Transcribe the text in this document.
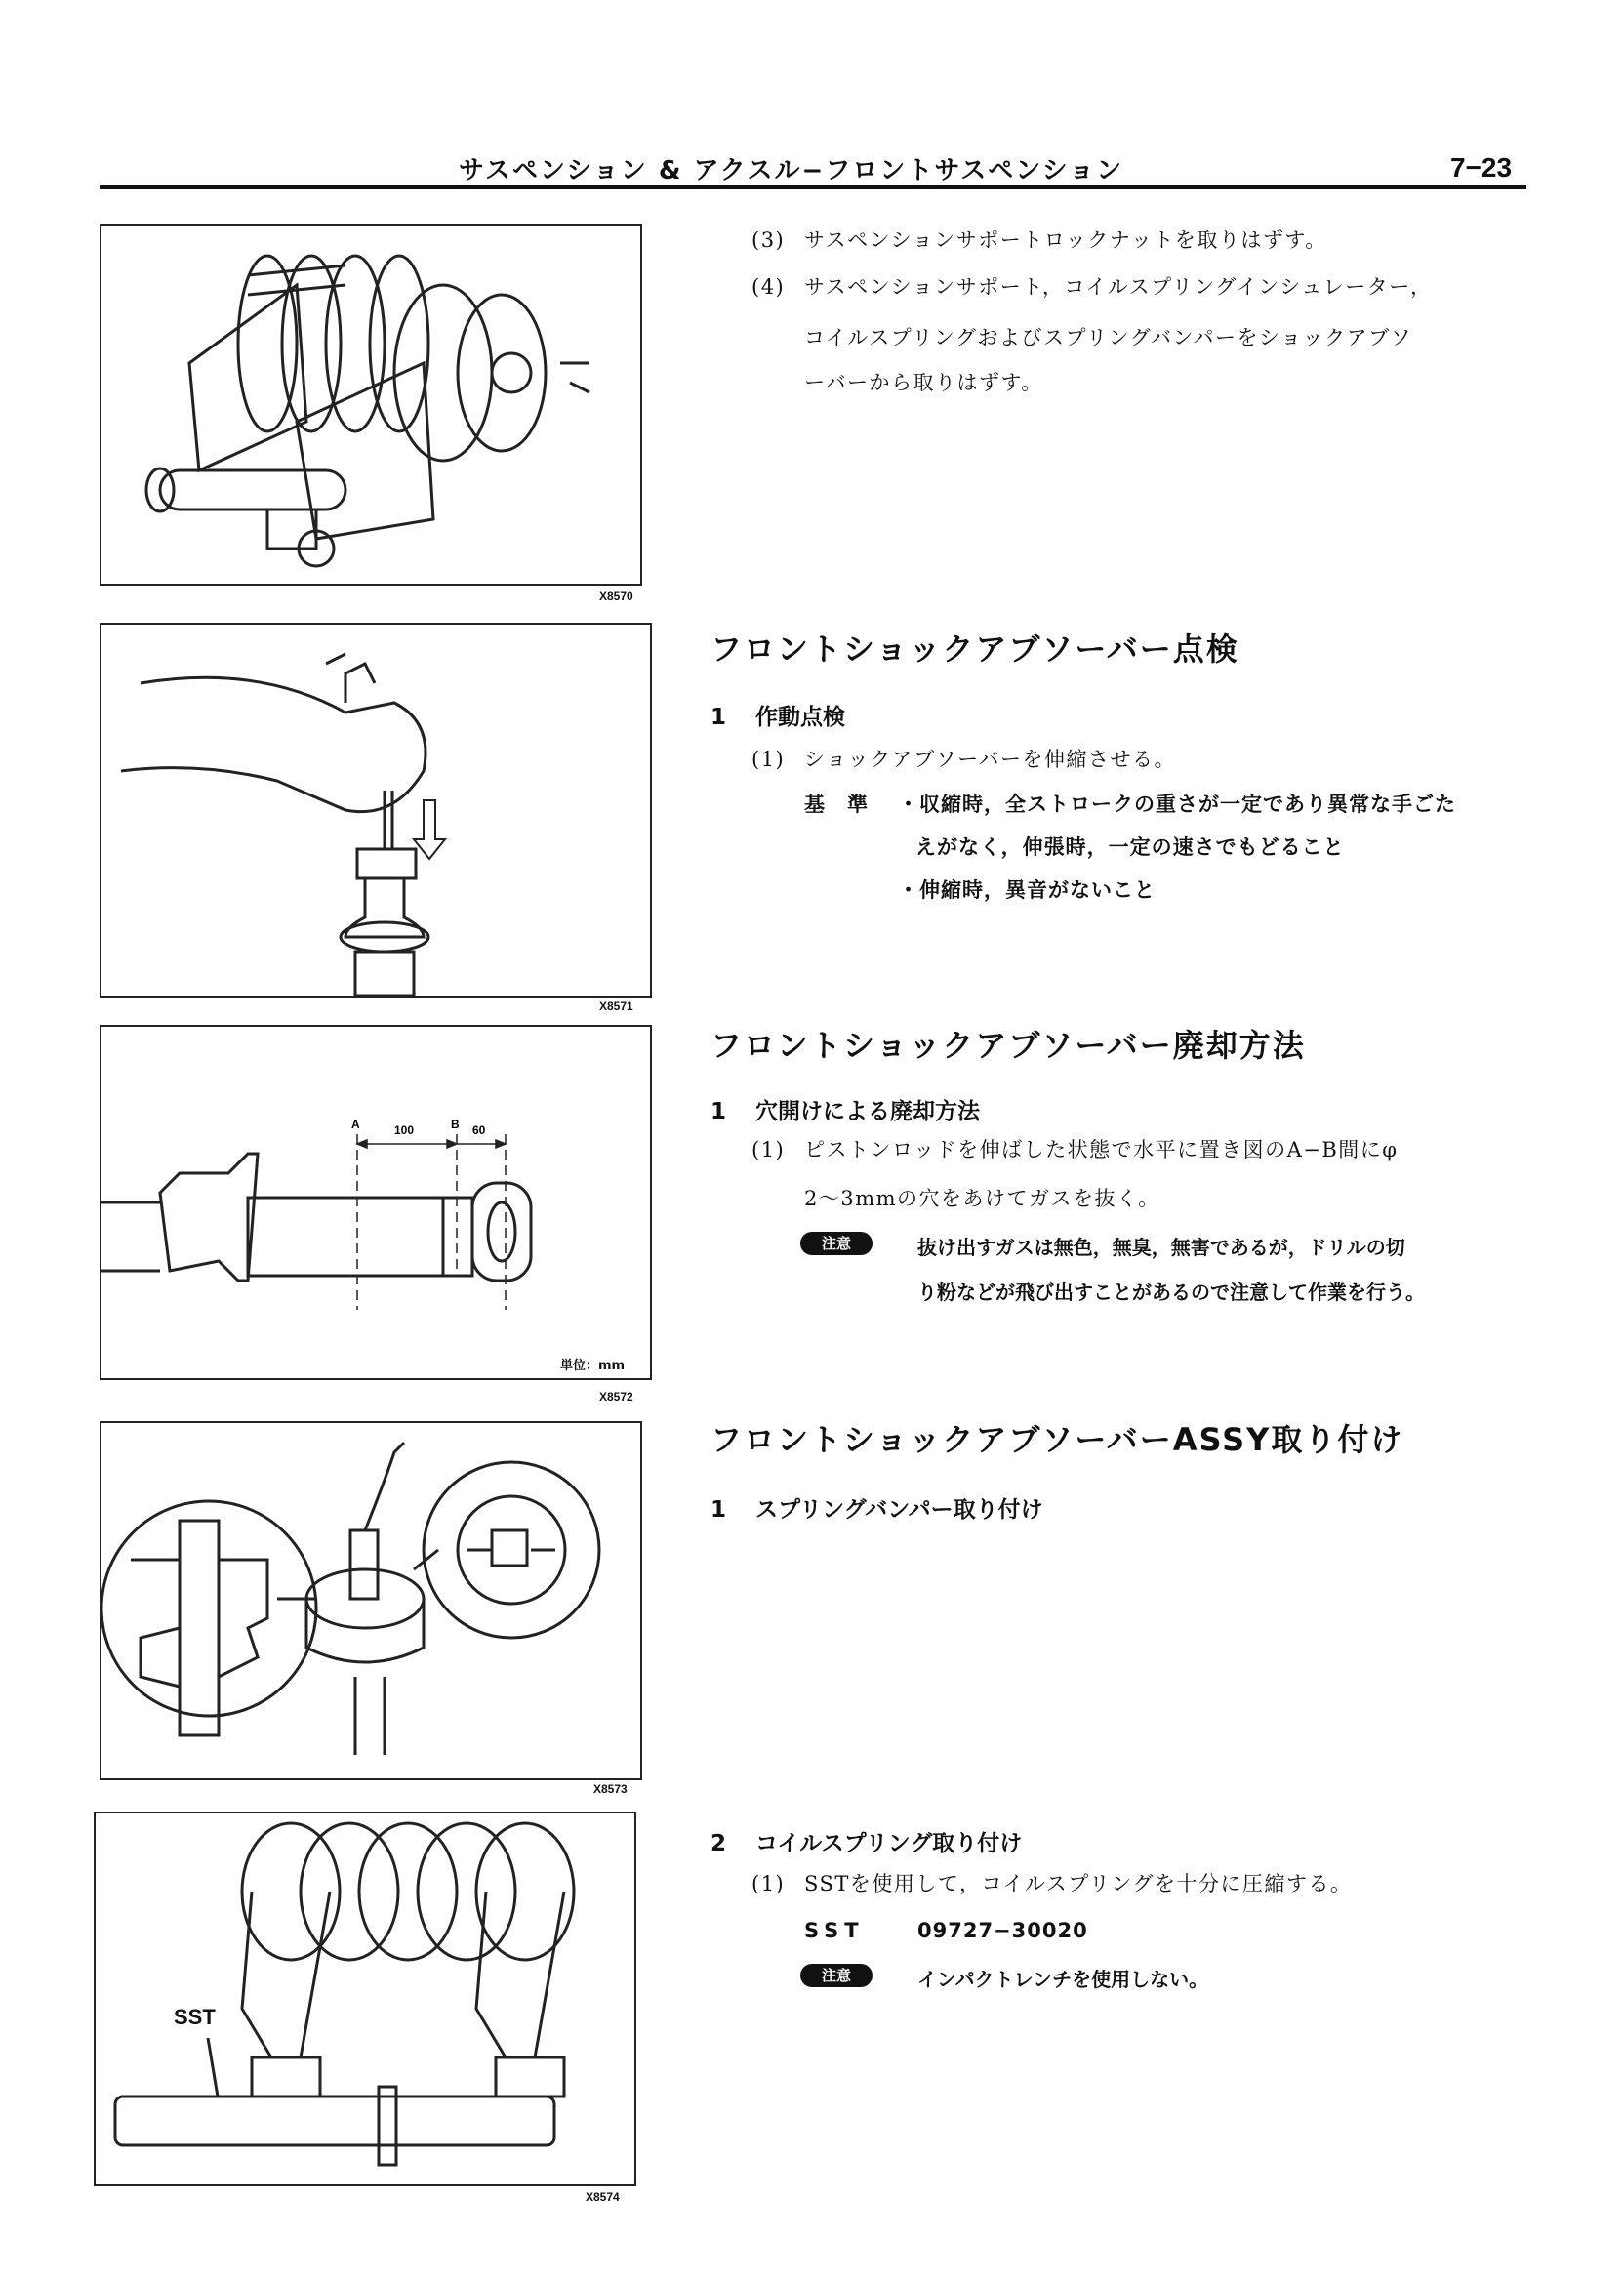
サスペンション & アクスル−フロントサスペンション	7−23
X8570
X8571
A	B
100	60
単位：mm
X8572
X8573
SST
X8574
(3) サスペンションサポートロックナットを取りはずす。
(4) サスペンションサポート，コイルスプリングインシュレーター，
コイルスプリングおよびスプリングバンパーをショックアブソ
ーバーから取りはずす。
フロントショックアブソーバー点検
1 作動点検
(1) ショックアブソーバーを伸縮させる。
基　準 ・収縮時，全ストロークの重さが一定であり異常な手ごた
えがなく，伸張時，一定の速さでもどること
・伸縮時，異音がないこと
フロントショックアブソーバー廃却方法
1 穴開けによる廃却方法
(1) ピストンロッドを伸ばした状態で水平に置き図のA−B間にφ
2〜3mmの穴をあけてガスを抜く。
注意	抜け出すガスは無色，無臭，無害であるが，ドリルの切
り粉などが飛び出すことがあるので注意して作業を行う。
フロントショックアブソーバーASSY取り付け
1 スプリングバンパー取り付け
2 コイルスプリング取り付け
(1) SSTを使用して，コイルスプリングを十分に圧縮する。
SST	09727−30020
注意	インパクトレンチを使用しない。
